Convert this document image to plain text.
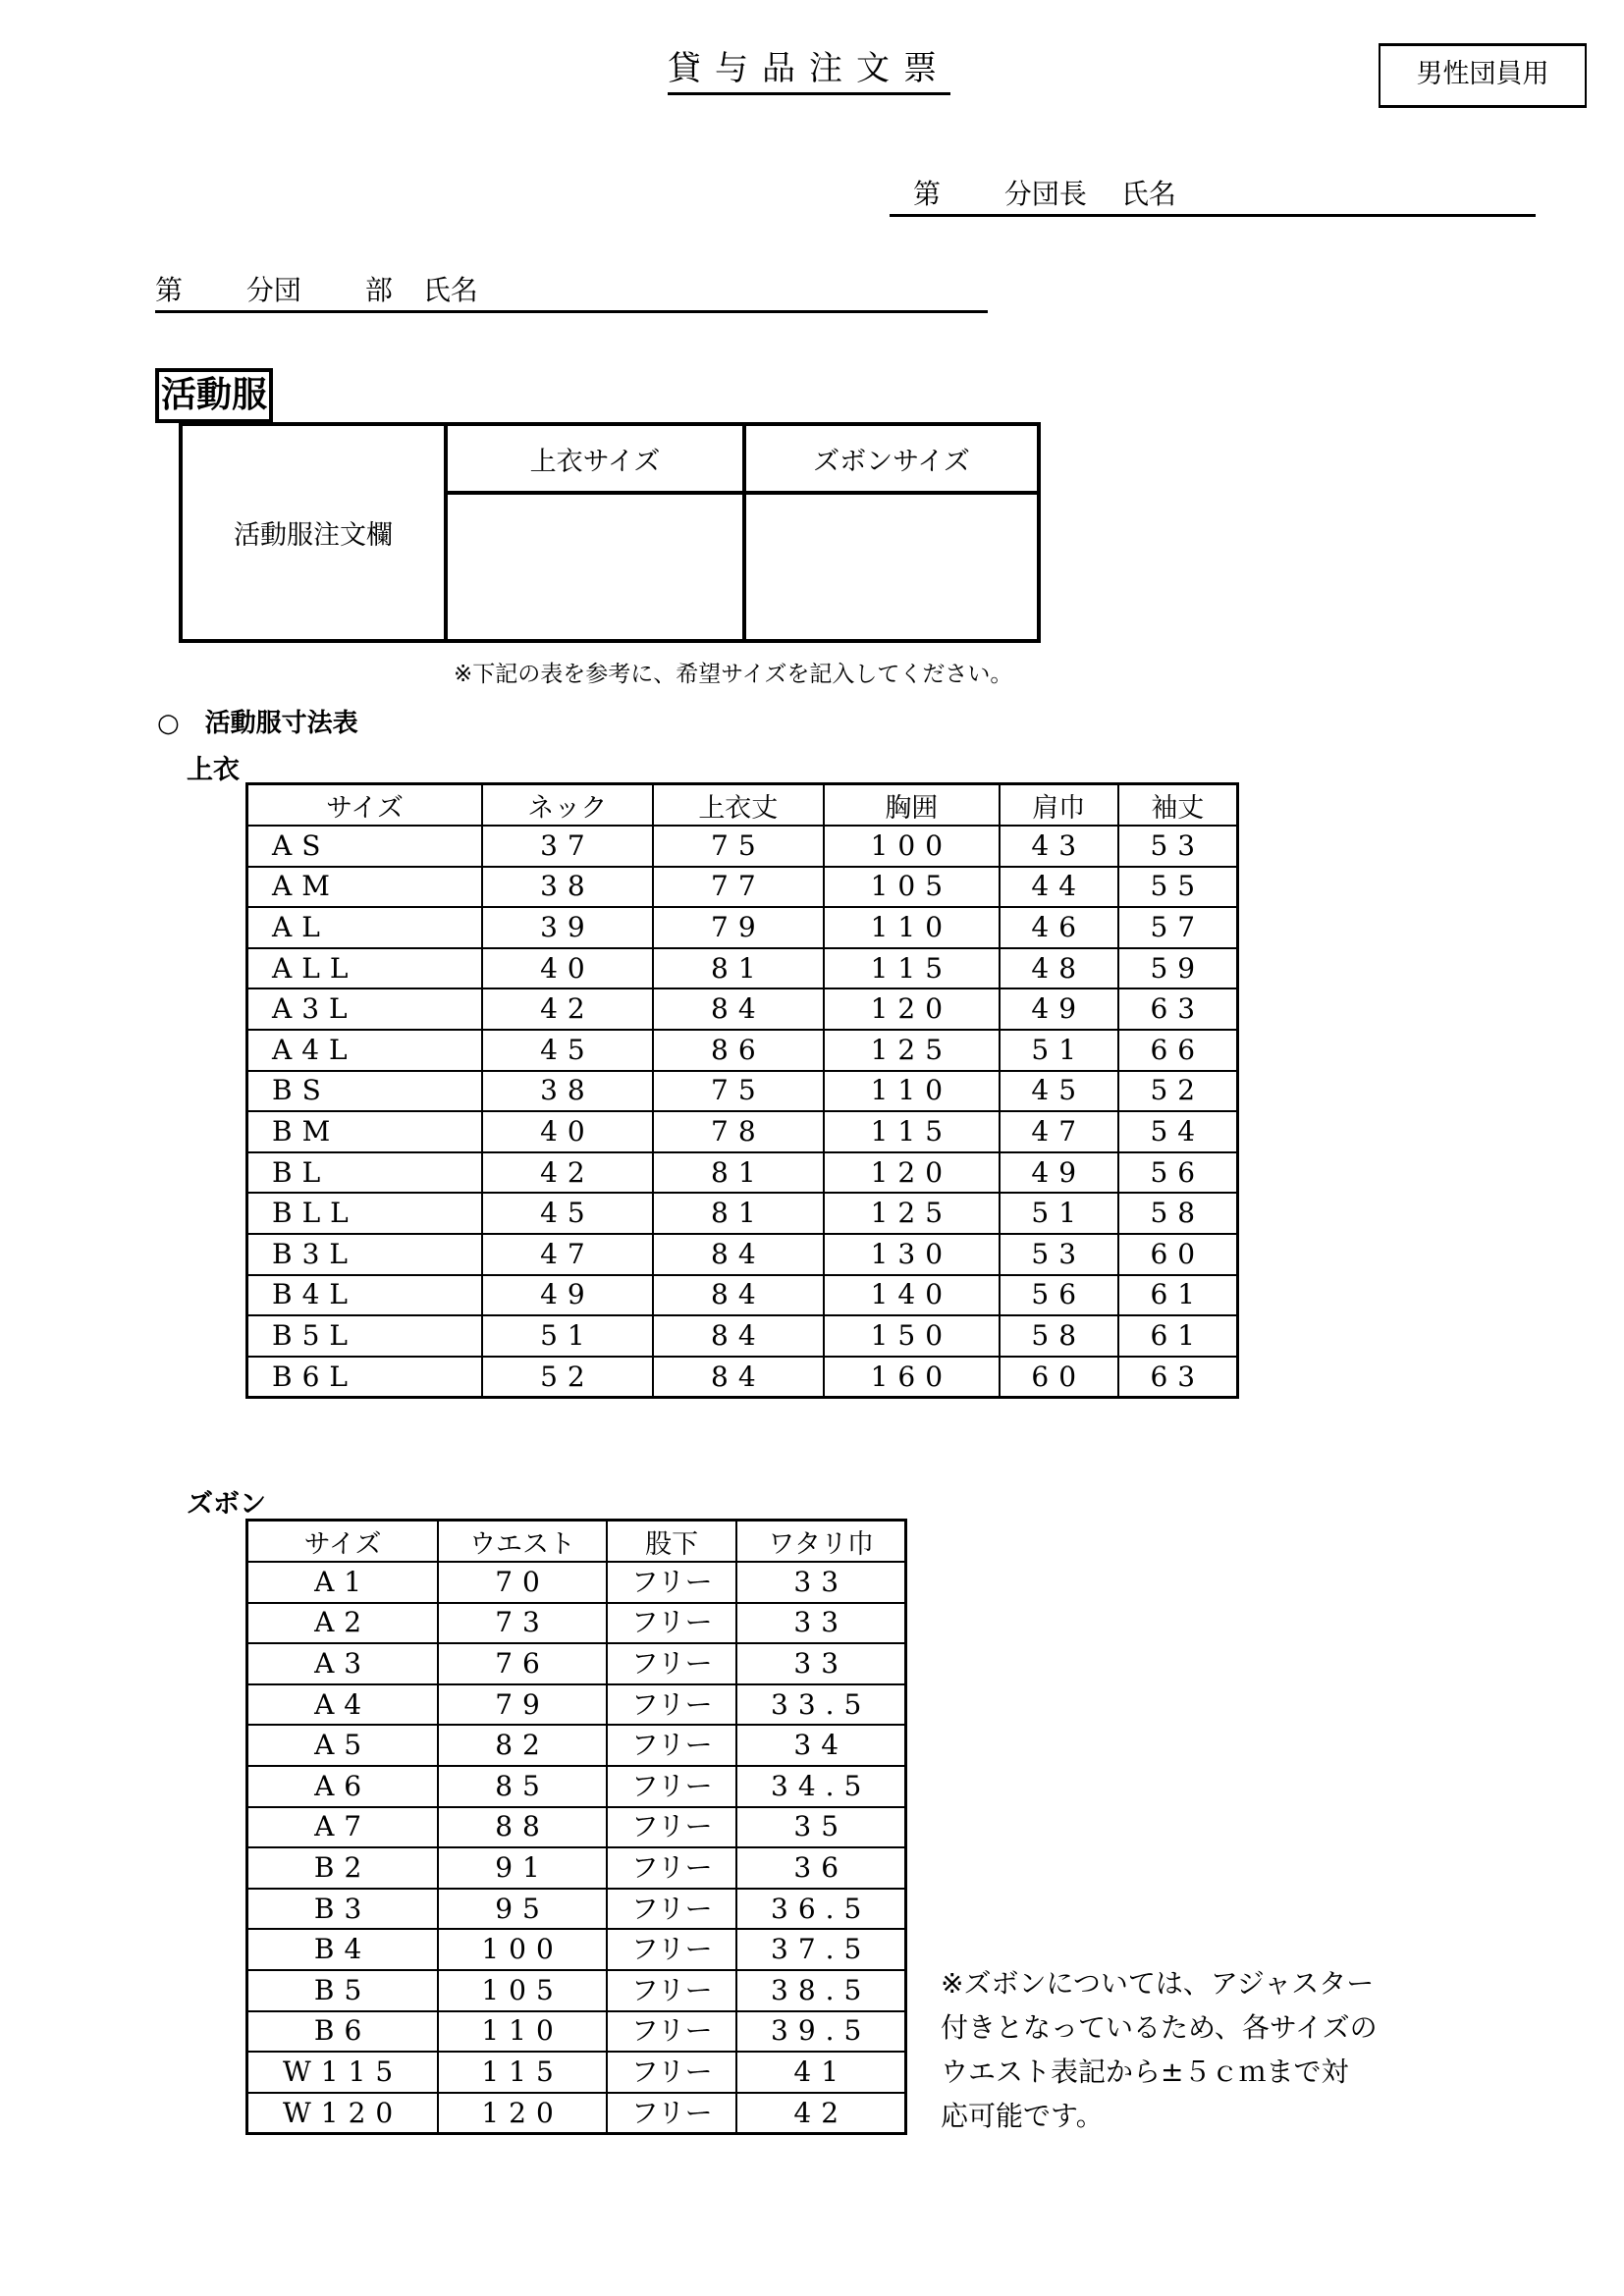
貸与品注文票	男性団員用
第 分団長 氏名
第 分団 部 氏名
活動服
活動服注文欄	上衣サイズ	ズボンサイズ

※下記の表を参考に、希望サイズを記入してください。
○　活動服寸法表
上衣
サイズ	ネック	上衣丈	胸囲	肩巾	袖丈
AS	37	75	100	43	53
AM	38	77	105	44	55
AL	39	79	110	46	57
ALL	40	81	115	48	59
A3L	42	84	120	49	63
A4L	45	86	125	51	66
BS	38	75	110	45	52
BM	40	78	115	47	54
BL	42	81	120	49	56
BLL	45	81	125	51	58
B3L	47	84	130	53	60
B4L	49	84	140	56	61
B5L	51	84	150	58	61
B6L	52	84	160	60	63
ズボン
サイズ	ウエスト	股下	ワタリ巾
A1	70	フリー	33
A2	73	フリー	33
A3	76	フリー	33
A4	79	フリー	33.5
A5	82	フリー	34
A6	85	フリー	34.5
A7	88	フリー	35
B2	91	フリー	36
B3	95	フリー	36.5
B4	100	フリー	37.5
B5	105	フリー	38.5
B6	110	フリー	39.5
W115	115	フリー	41
W120	120	フリー	42
※ズボンについては、アジャスター
付きとなっているため、各サイズの
ウエスト表記から±５ｃｍまで対
応可能です。
